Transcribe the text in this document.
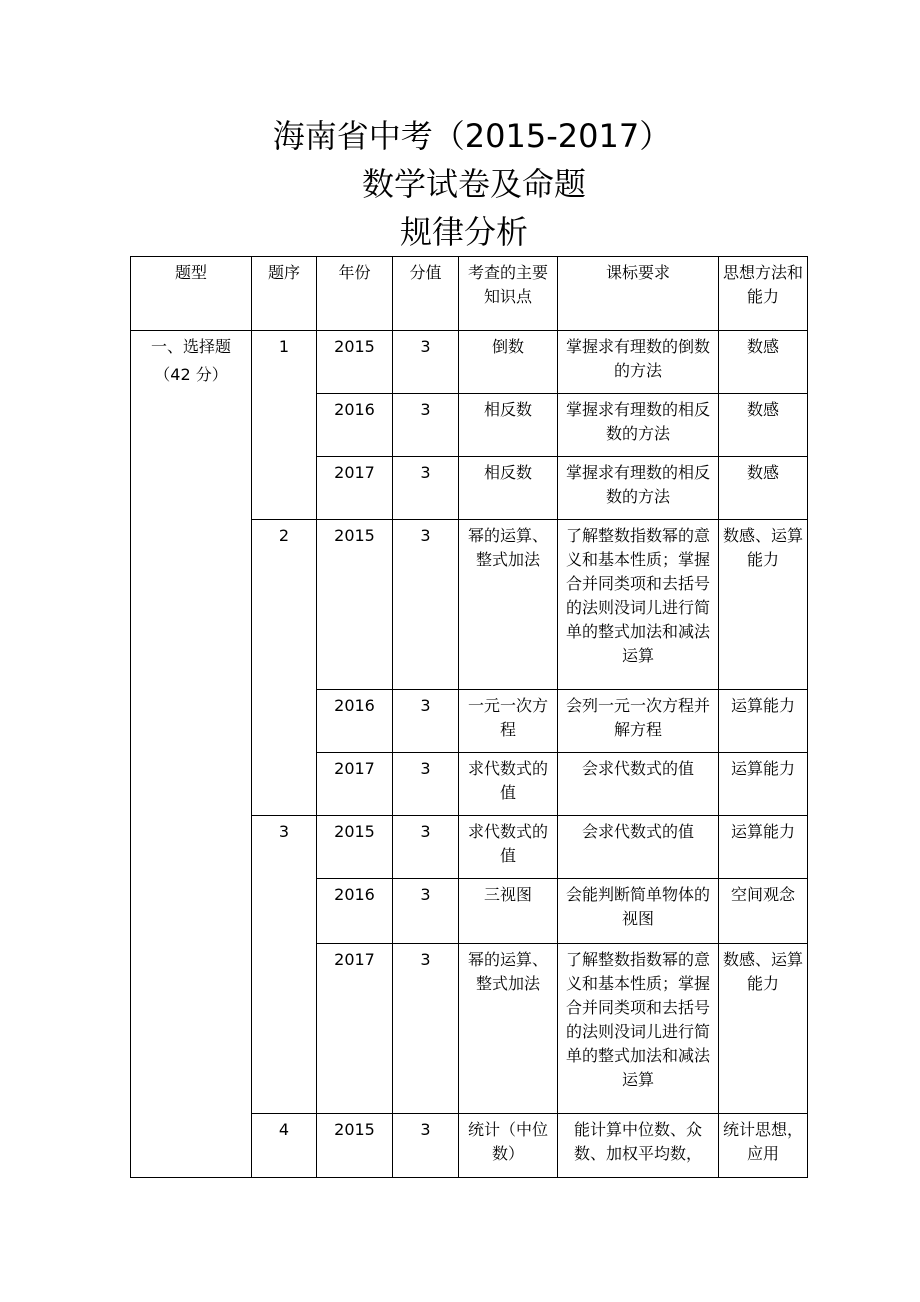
海南省中考（2015-2017）
数学试卷及命题
规律分析
题型	题序	年份	分值	考查的主要知识点	课标要求	思想方法和能力

一、选择题
（42 分）	1	2015	3	倒数	掌握求有理数的倒数的方法	数感
		2016	3	相反数	掌握求有理数的相反数的方法	数感
		2017	3	相反数	掌握求有理数的相反数的方法	数感
	2	2015	3	幂的运算、整式加法	了解整数指数幂的意义和基本性质；掌握合并同类项和去括号的法则没词儿进行简单的整式加法和减法运算	数感、运算能力
		2016	3	一元一次方程	会列一元一次方程并解方程	运算能力
		2017	3	求代数式的值	会求代数式的值	运算能力
	3	2015	3	求代数式的值	会求代数式的值	运算能力
		2016	3	三视图	会能判断简单物体的视图	空间观念
		2017	3	幂的运算、整式加法	了解整数指数幂的意义和基本性质；掌握合并同类项和去括号的法则没词儿进行简单的整式加法和减法运算	数感、运算能力
	4	2015	3	统计（中位数）	能计算中位数、众数、加权平均数，	统计思想，应用
